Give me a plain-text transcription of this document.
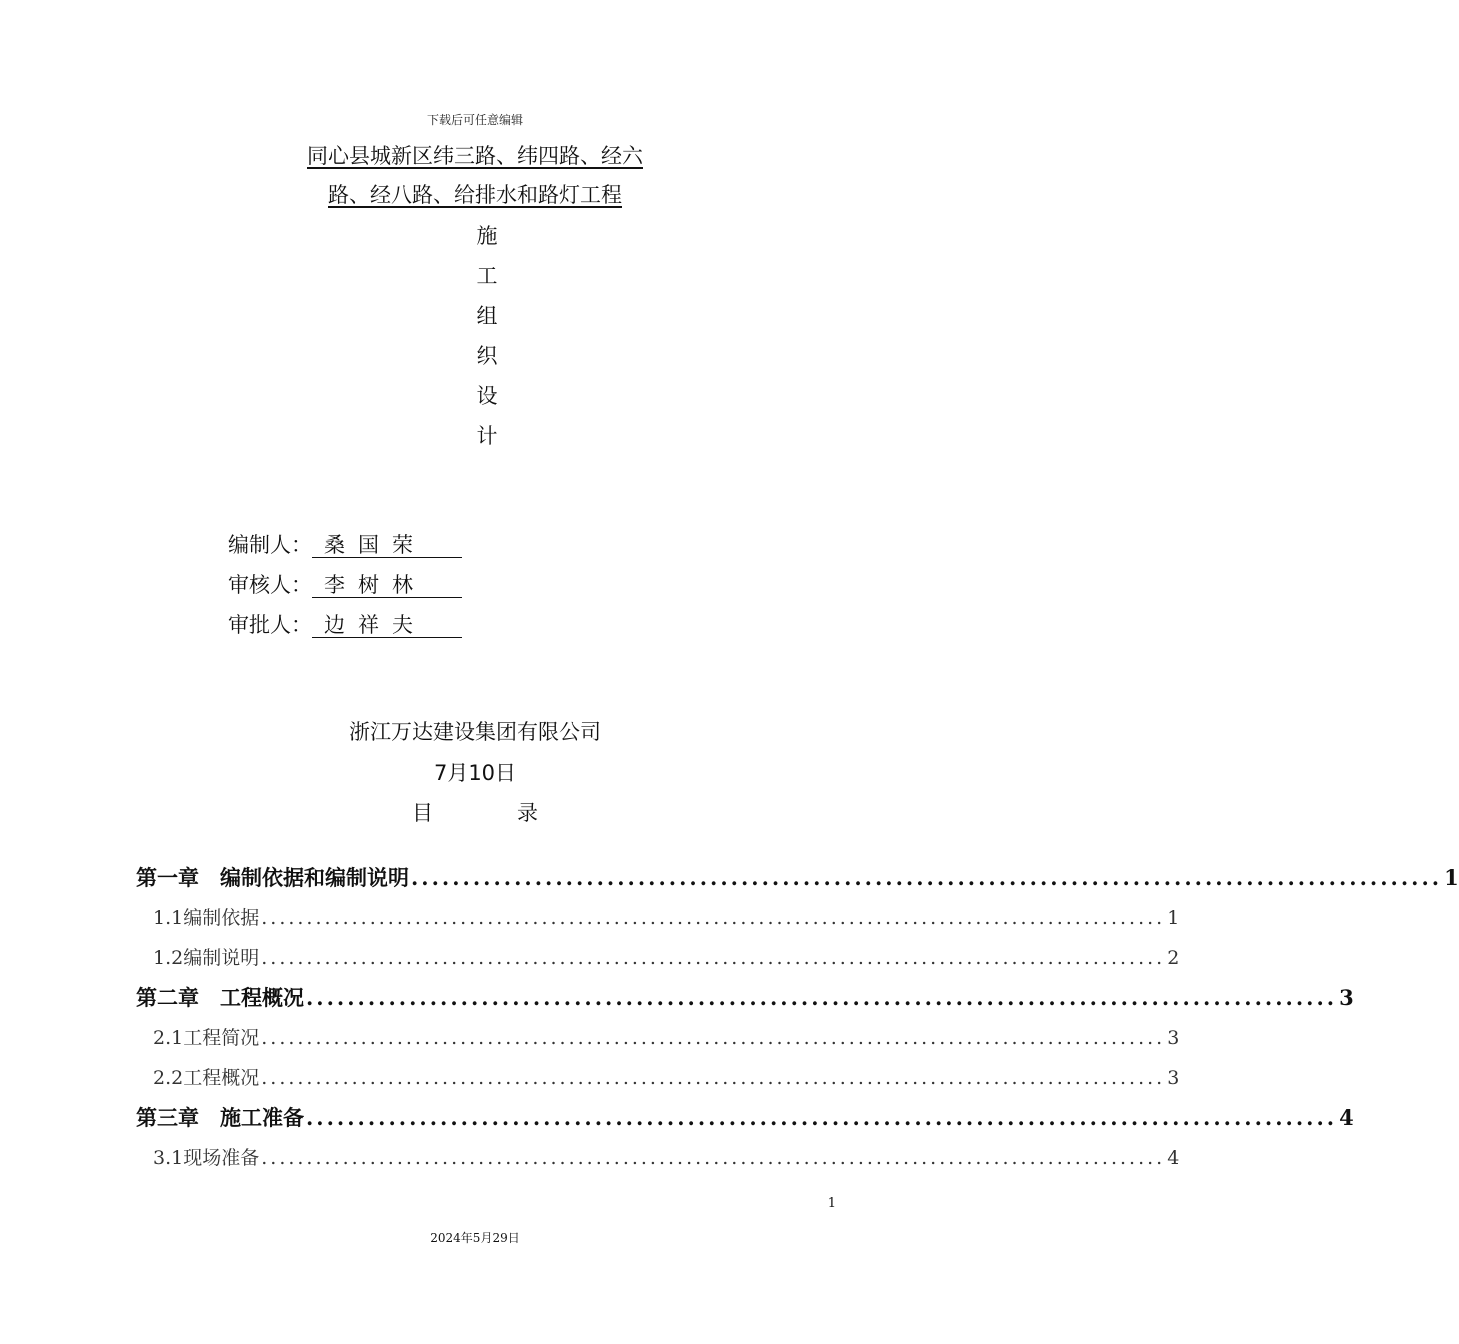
下载后可任意编辑
同心县城新区纬三路、纬四路、经六
路、经八路、给排水和路灯工程
施
工
组
织
设
计
编制人： 桑国荣
审核人： 李树林
审批人： 边祥夫
浙江万达建设集团有限公司
7月10日
目	录
第一章　编制依据和编制说明 .................................................................................................... 1
1.1编制依据 .................................................................................................... 1
1.2编制说明 .................................................................................................... 2
第二章　工程概况 .................................................................................................... 3
2.1工程简况 .................................................................................................... 3
2.2工程概况 .................................................................................................... 3
第三章　施工准备 .................................................................................................... 4
3.1现场准备 .................................................................................................... 4
1
2024年5月29日
